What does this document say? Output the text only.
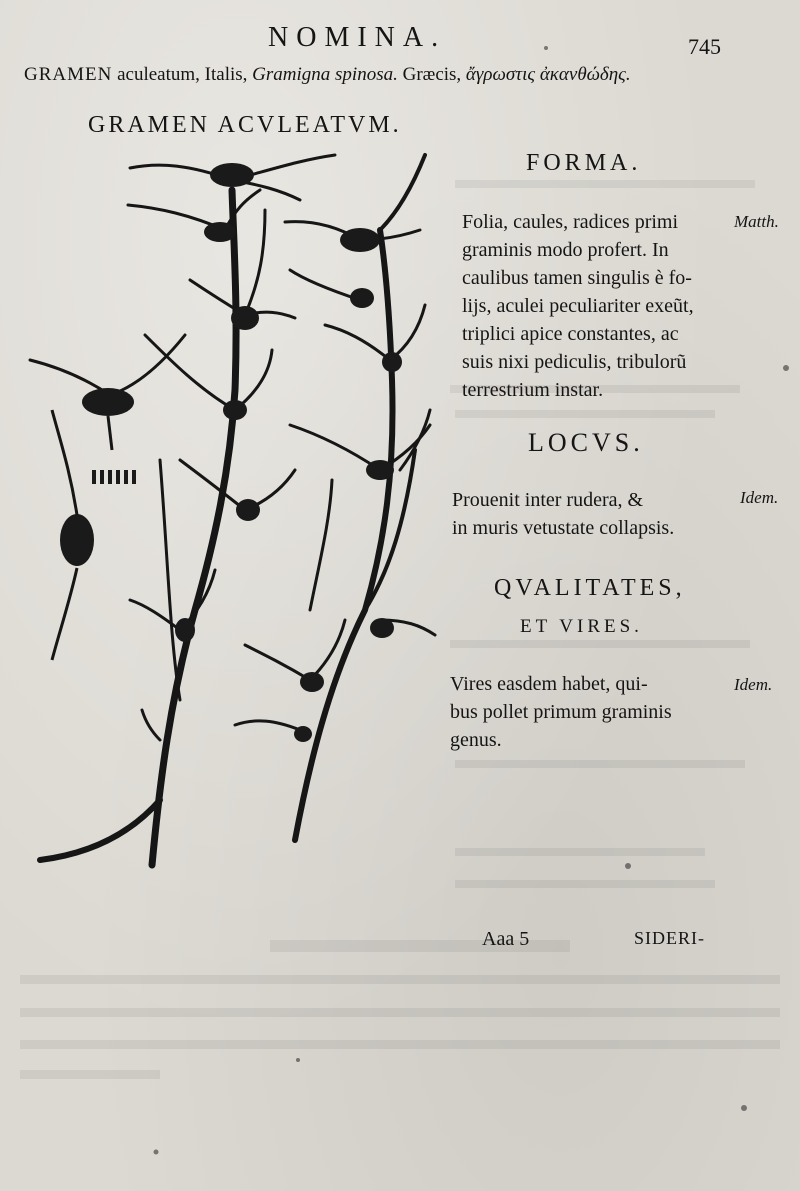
NOMINA.	745
GRAMEN aculeatum, Italis, Gramigna spinosa. Græcis, ἄγρωστις ἀκανθώδης.
GRAMEN ACVLEATVM.
FORMA.
Folia, caules, radices primi
graminis modo profert. In
caulibus tamen singulis è fo-
lijs, aculei peculiariter exeũt,
triplici apice constantes, ac
suis nixi pediculis, tribulorũ
terrestrium instar.
Matth.
LOCVS.
Prouenit inter rudera, &
in muris vetustate collapsis.
Idem.
QVALITATES,
ET VIRES.
Vires easdem habet, qui-
bus pollet primum graminis
genus.
Idem.
Aaa 5	SIDERI-
